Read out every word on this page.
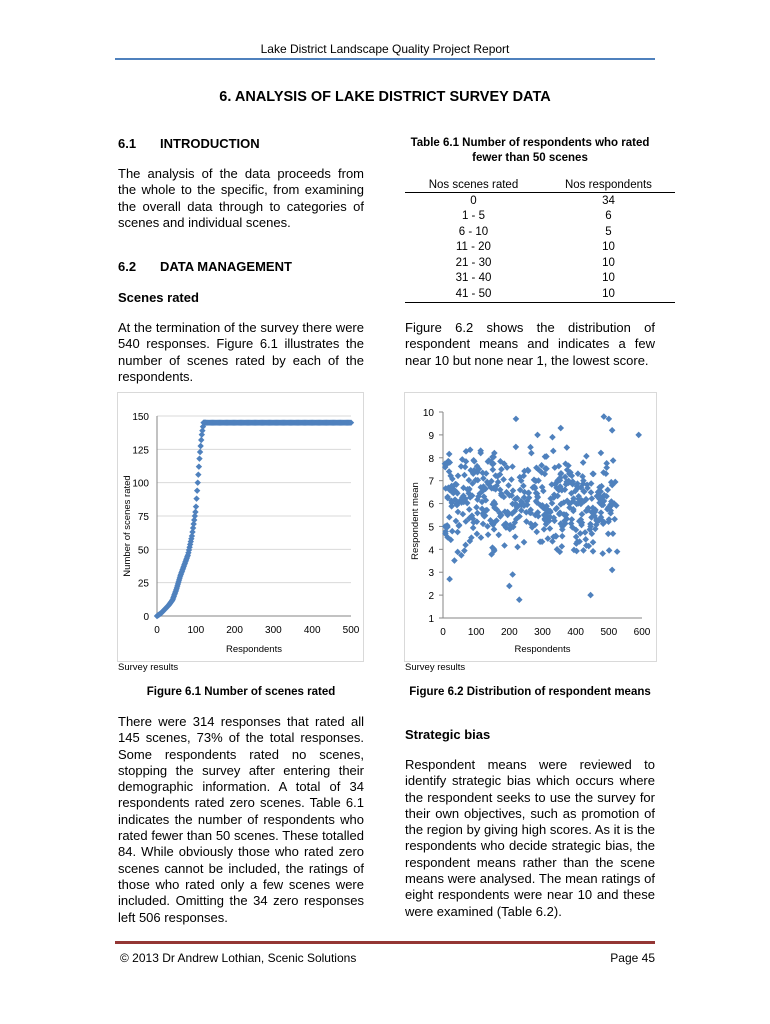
Lake District Landscape Quality Project Report
6. ANALYSIS OF LAKE DISTRICT SURVEY DATA
6.1 INTRODUCTION
The analysis of the data proceeds from the whole to the specific, from examining the overall data through to categories of scenes and individual scenes.
6.2 DATA MANAGEMENT
Scenes rated
At the termination of the survey there were 540 responses. Figure 6.1 illustrates the number of scenes rated by each of the respondents.
Table 6.1 Number of respondents who rated fewer than 50 scenes
Nos scenes rated	Nos respondents
0	34
1 - 5	6
6 - 10	5
11 - 20	10
21 - 30	10
31 - 40	10
41 - 50	10
Figure 6.2 shows the distribution of respondent means and indicates a few near 10 but none near 1, the lowest score.
0
25
50
75
100
125
150
0	100 200 300 400 500
Respondents
Number of scenes rated
Survey results
Figure 6.1 Number of scenes rated
1
2
3
4
5
6
7
8
9
10
0 100 200 300 400 500 600
Respondents
Respondent mean
Survey results
Figure 6.2 Distribution of respondent means
There were 314 responses that rated all 145 scenes, 73% of the total responses. Some respondents rated no scenes, stopping the survey after entering their demographic information. A total of 34 respondents rated zero scenes. Table 6.1 indicates the number of respondents who rated fewer than 50 scenes. These totalled 84. While obviously those who rated zero scenes cannot be included, the ratings of those who rated only a few scenes were included. Omitting the 34 zero responses left 506 responses.
Strategic bias
Respondent means were reviewed to identify strategic bias which occurs where the respondent seeks to use the survey for their own objectives, such as promotion of the region by giving high scores. As it is the respondents who decide strategic bias, the respondent means rather than the scene means were analysed. The mean ratings of eight respondents were near 10 and these were examined (Table 6.2).
© 2013 Dr Andrew Lothian, Scenic Solutions	Page 45
